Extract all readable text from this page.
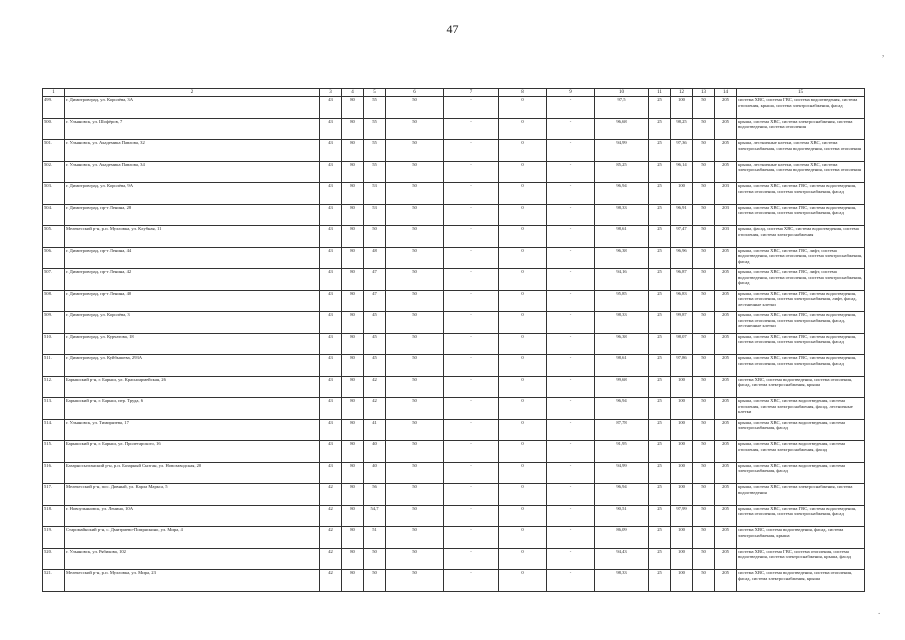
47
,
.
1	2	3	4	5	6	7	8	9	10	11	12	13	14	15
499.	г. Димитровград, ул. Королёва, 3А	43	80	55	50	-	0	-	97,5	25	100	50	205	система ХВС, система ГВС, система водоотведения, система отопления, крыша, система электроснабжения, фасад
500.	г. Ульяновск, ул. Шофёров, 7	43	80	55	50	-	0	-	96,68	25	98,25	50	205	крыша, система ХВС, система электроснабжения, система водоотведения, система отопления
501.	г. Ульяновск, ул. Академика Павлова, 32	43	80	55	50	-	0	-	94,99	25	97,36	50	205	крыша, лестничные клетки, система ХВС, система электроснабжения, система водоотведения, система отопления
502.	г. Ульяновск, ул. Академика Павлова, 34	43	80	55	50	-	0	-	85,25	25	96,14	50	205	крыша, лестничные клетки, система ХВС, система электроснабжения, система водоотведения, система отопления
503.	г. Димитровград, ул. Королёва, 9А	43	80	53	50	-	0	-	96,94	25	100	50	203	крыша, система ХВС, система ГВС, система водоотведения, система отопления, система электроснабжения, фасад
504.	г. Димитровград, пр-т Ленина, 28	43	80	53	50	-	0	-	98,33	25	96,91	50	203	крыша, система ХВС, система ГВС, система водоотведения, система отопления, система электроснабжения, фасад
505.	Мелекесский р-н, р.п. Мулловка, ул. Клубная, 11	43	80	50	50	-	0	-	98,61	25	97,47	50	203	крыша, фасад, система ХВС, система водоотведения, система отопления, система электроснабжения
506.	г. Димитровград, пр-т Ленина, 44	43	80	48	50	-	0	-	96,38	25	96,96	50	205	крыша, система ХВС, система ГВС, лифт, система водоотведения, система отопления, система электроснабжения, фасад
507.	г. Димитровград, пр-т Ленина, 42	43	80	47	50	-	0	-	94,16	25	96,87	50	205	крыша, система ХВС, система ГВС, лифт, система водоотведения, система отопления, система электроснабжения, фасад
508.	г. Димитровград, пр-т Ленина, 40	43	80	47	50	-	0	-	95,85	25	96,83	50	205	крыша, система ХВС, система ГВС, система водоотведения, система отопления, система электроснабжения, лифт, фасад, лестничные клетки
509.	г. Димитровград, ул. Королёва, 3	43	80	45	50	-	0	-	98,33	25	99,87	50	205	крыша, система ХВС, система ГВС, система водоотведения, система отопления, система электроснабжения, фасад, лестничные клетки
510.	г. Димитровград, ул. Курчатова, 18	43	80	45	50	-	0	-	96,38	25	98,07	50	205	крыша, система ХВС, система ГВС, система водоотведения, система отопления, система электроснабжения, фасад
511.	г. Димитровград, ул. Куйбышева, 293А	43	80	45	50	-	0	-	98,61	25	97,86	50	205	крыша, система ХВС, система ГВС, система водоотведения, система отопления, система электроснабжения, фасад
512.	Барышский р-н, г. Барыш, ул. Красноармейская, 26	43	80	42	50	-	0	-	99,68	25	100	50	205	система ХВС, система водоотведения, система отопления, фасад, система электроснабжения, крыша
513.	Барышский р-н, г. Барыш, пер. Труда, 6	43	80	42	50	-	0	-	96,94	25	100	50	205	крыша, система ХВС, система водоотведения, система отопления, система электроснабжения, фасад, лестничные клетки
514.	г. Ульяновск, ул. Тимирязева, 17	43	80	41	50	-	0	-	87,78	25	100	50	205	крыша, система ХВС, система водоотведения, система электроснабжения, фасад
515.	Барышский р-н, г. Барыш, ул. Пролетарского, 16	43	80	40	50	-	0	-	91,95	25	100	50	205	крыша, система ХВС, система водоотведения, система отопления, система электроснабжения, фасад
516.	Базарносызганский р-н, р.п. Базарный Сызган, ул. Новозаводская, 20	43	80	40	50	-	0	-	94,99	25	100	50	205	крыша, система ХВС, система водоотведения, система электроснабжения, фасад
517.	Мелекесский р-н, пос. Дивный, ул. Карла Маркса, 5	42	80	56	50	-	0	-	96,94	25	100	50	205	крыша, система ХВС, система электроснабжения, система водоотведения
518.	г. Новоульяновск, ул. Ленина, 10А	42	80	54,7	50	-	0	-	90,51	25	97,99	50	205	крыша, система ХВС, система ГВС, система водоотведения, система отопления, система электроснабжения, фасад
519.	Старомайнский р-н, с. Дмитриево-Помряскино, ул. Мира, 4	42	80	51	50	-	0	-	86,09	25	100	50	205	система ХВС, система водоотведения, фасад, система электроснабжения, крыша
520.	г. Ульяновск, ул. Рябикова, 102	42	80	50	50	-	0	-	94,43	25	100	50	205	система ХВС, система ГВС, система отопления, система водоотведения, система электроснабжения, крыша, фасад
521.	Мелекесский р-н, р.п. Мулловка, ул. Мира, 23	42	80	50	50	-	0	-	98,33	25	100	50	205	система ХВС, система водоотведения, система отопления, фасад, система электроснабжения, крыша
